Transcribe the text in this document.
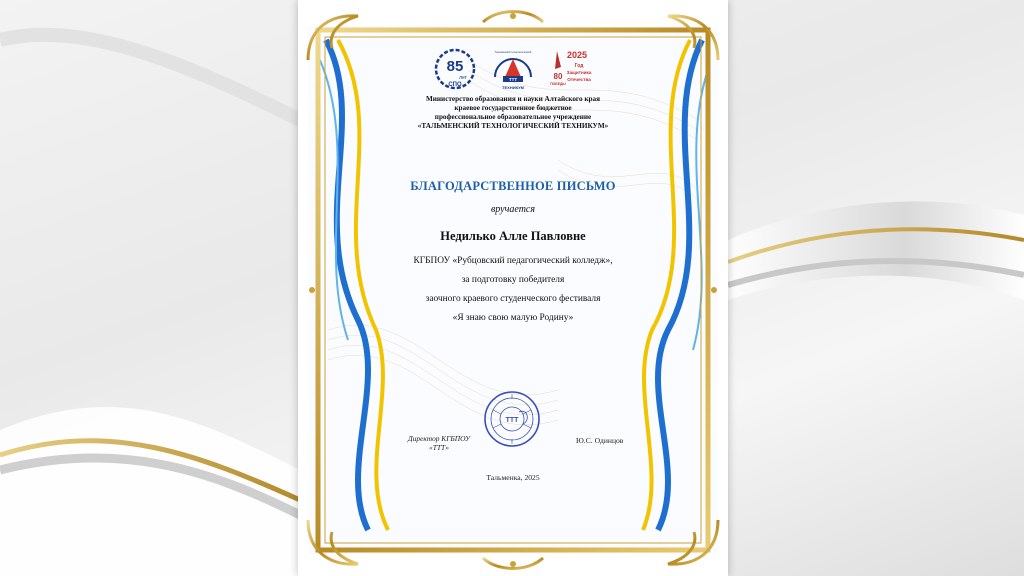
85
лет
СПО
ТТТ
Тальменский технологический
ТЕХНИКУМ
2025
Год
Защитника
Отечества
80
ПОБЕДЫ
Министерство образования и науки Алтайского края
краевое государственное бюджетное
профессиональное образовательное учреждение
«ТАЛЬМЕНСКИЙ ТЕХНОЛОГИЧЕСКИЙ ТЕХНИКУМ»
БЛАГОДАРСТВЕННОЕ ПИСЬМО
вручается
Недилько Алле Павловне
КГБПОУ «Рубцовский педагогический колледж»,
за подготовку победителя
заочного краевого студенческого фестиваля
«Я знаю свою малую Родину»
ТТТ
Директор КГБПОУ
«ТТТ»
Ю.С. Одинцов
Тальменка, 2025
